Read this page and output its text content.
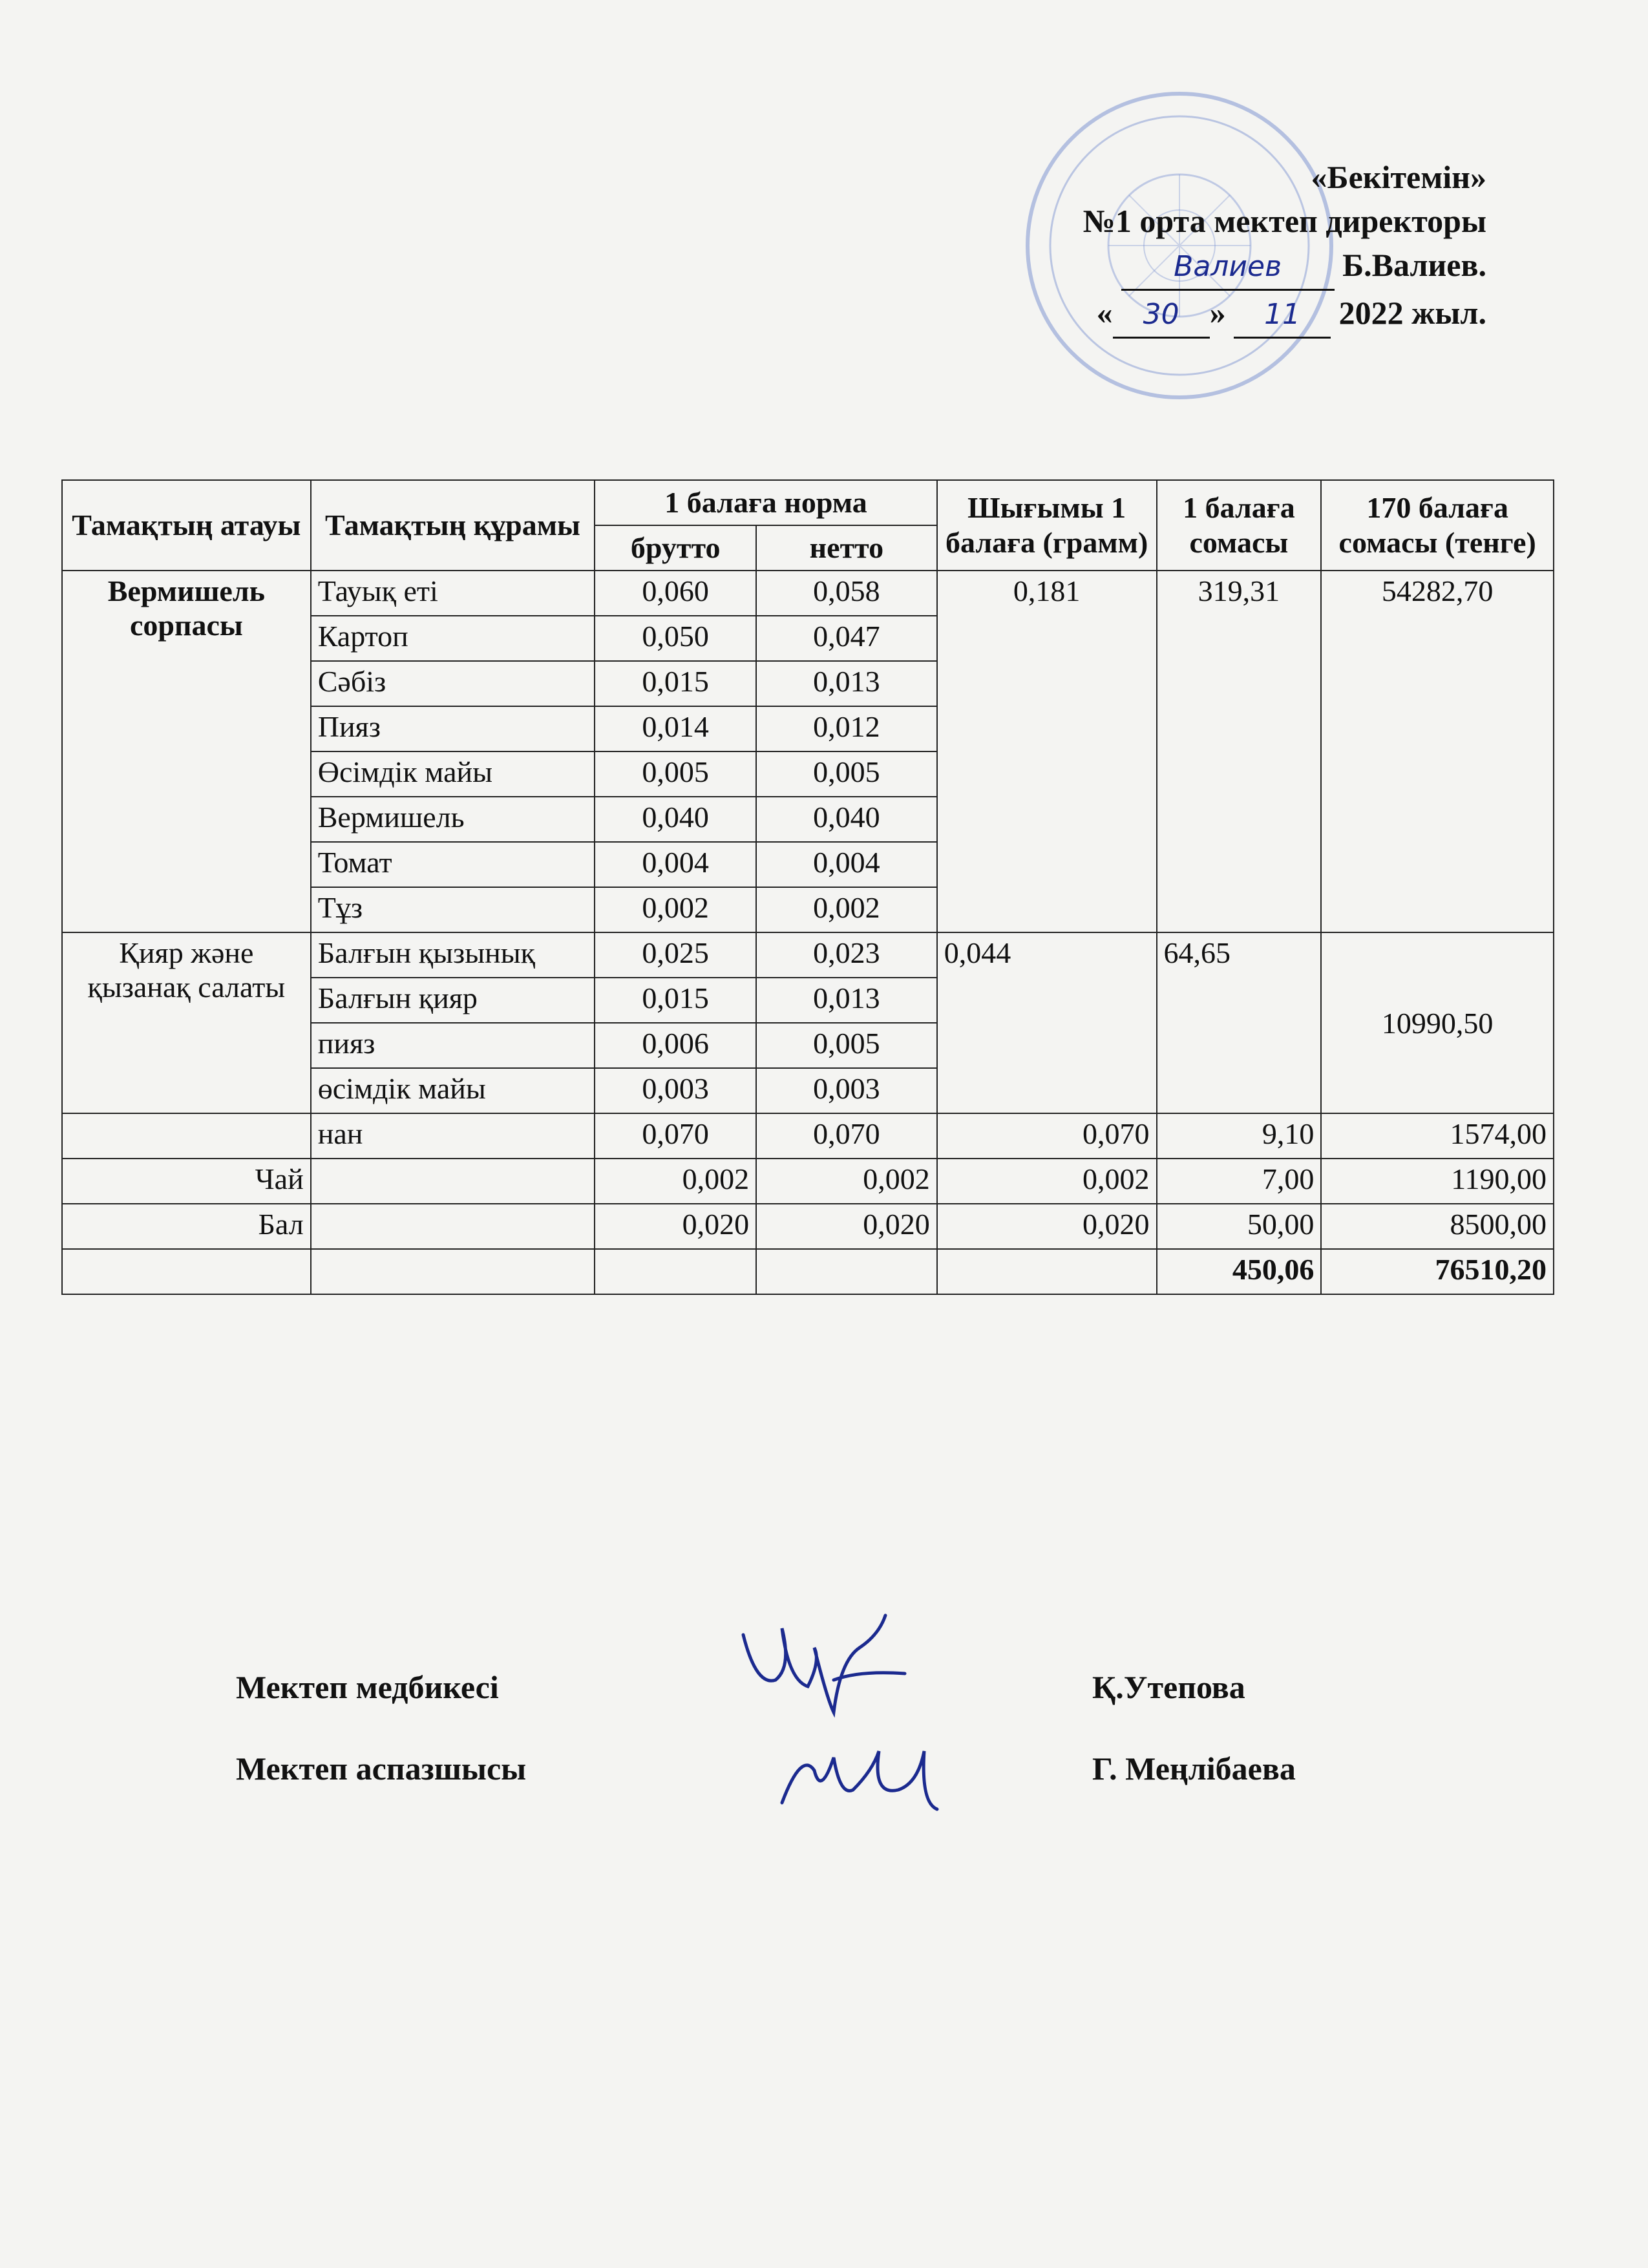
«Бекітемін»
№1 орта мектеп директоры
Валиев Б.Валиев.
« 30 » 11 2022 жыл.
Тамақтың атауы	Тамақтың құрамы	1 балаға норма		Шығымы 1 балаға (грамм)	1 балаға сомасы	170 балаға сомасы (тенге)
		брутто	нетто			
Вермишель сорпасы	Тауық еті	0,060	0,058	0,181	319,31	54282,70
	Картоп	0,050	0,047			
	Сәбіз	0,015	0,013			
	Пияз	0,014	0,012			
	Өсімдік майы	0,005	0,005			
	Вермишель	0,040	0,040			
	Томат	0,004	0,004			
	Тұз	0,002	0,002			
Қияр және қызанақ салаты	Балғын қызынық	0,025	0,023	0,044	64,65	10990,50
	Балғын қияр	0,015	0,013			
	пияз	0,006	0,005			
	өсімдік майы	0,003	0,003			
	нан	0,070	0,070	0,070	9,10	1574,00
Чай		0,002	0,002	0,002	7,00	1190,00
Бал		0,020	0,020	0,020	50,00	8500,00
					450,06	76510,20
Мектеп медбикесі	Қ.Утепова
Мектеп аспазшысы	Г. Меңлібаева
